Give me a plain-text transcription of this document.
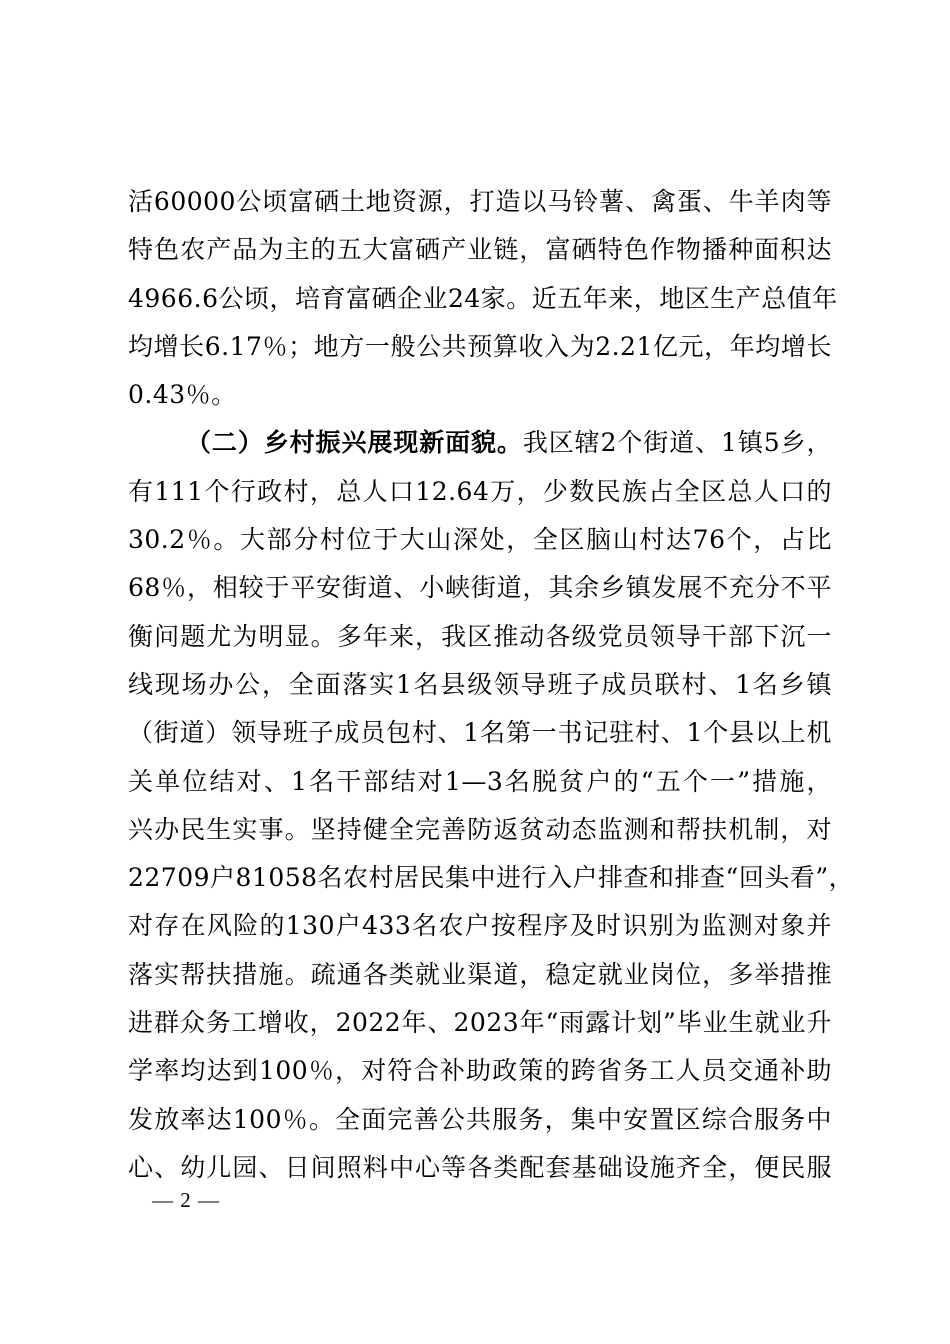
活60000公顷富硒土地资源，打造以马铃薯、禽蛋、牛羊肉等
特色农产品为主的五大富硒产业链，富硒特色作物播种面积达
4966.6公顷，培育富硒企业24家。近五年来，地区生产总值年
均增长6.17％；地方一般公共预算收入为2.21亿元，年均增长
0.43％。
（二）乡村振兴展现新面貌。我区辖2个街道、1镇5乡，
有111个行政村，总人口12.64万，少数民族占全区总人口的
30.2％。大部分村位于大山深处，全区脑山村达76个，占比
68％，相较于平安街道、小峡街道，其余乡镇发展不充分不平
衡问题尤为明显。多年来，我区推动各级党员领导干部下沉一
线现场办公，全面落实1名县级领导班子成员联村、1名乡镇
（街道）领导班子成员包村、1名第一书记驻村、1个县以上机
关单位结对、1名干部结对1—3名脱贫户的“五个一”措施，
兴办民生实事。坚持健全完善防返贫动态监测和帮扶机制，对
22709户81058名农村居民集中进行入户排查和排查“回头看”，
对存在风险的130户433名农户按程序及时识别为监测对象并
落实帮扶措施。疏通各类就业渠道，稳定就业岗位，多举措推
进群众务工增收，2022年、2023年“雨露计划”毕业生就业升
学率均达到100％，对符合补助政策的跨省务工人员交通补助
发放率达100％。全面完善公共服务，集中安置区综合服务中
心、幼儿园、日间照料中心等各类配套基础设施齐全，便民服
— 2 —
